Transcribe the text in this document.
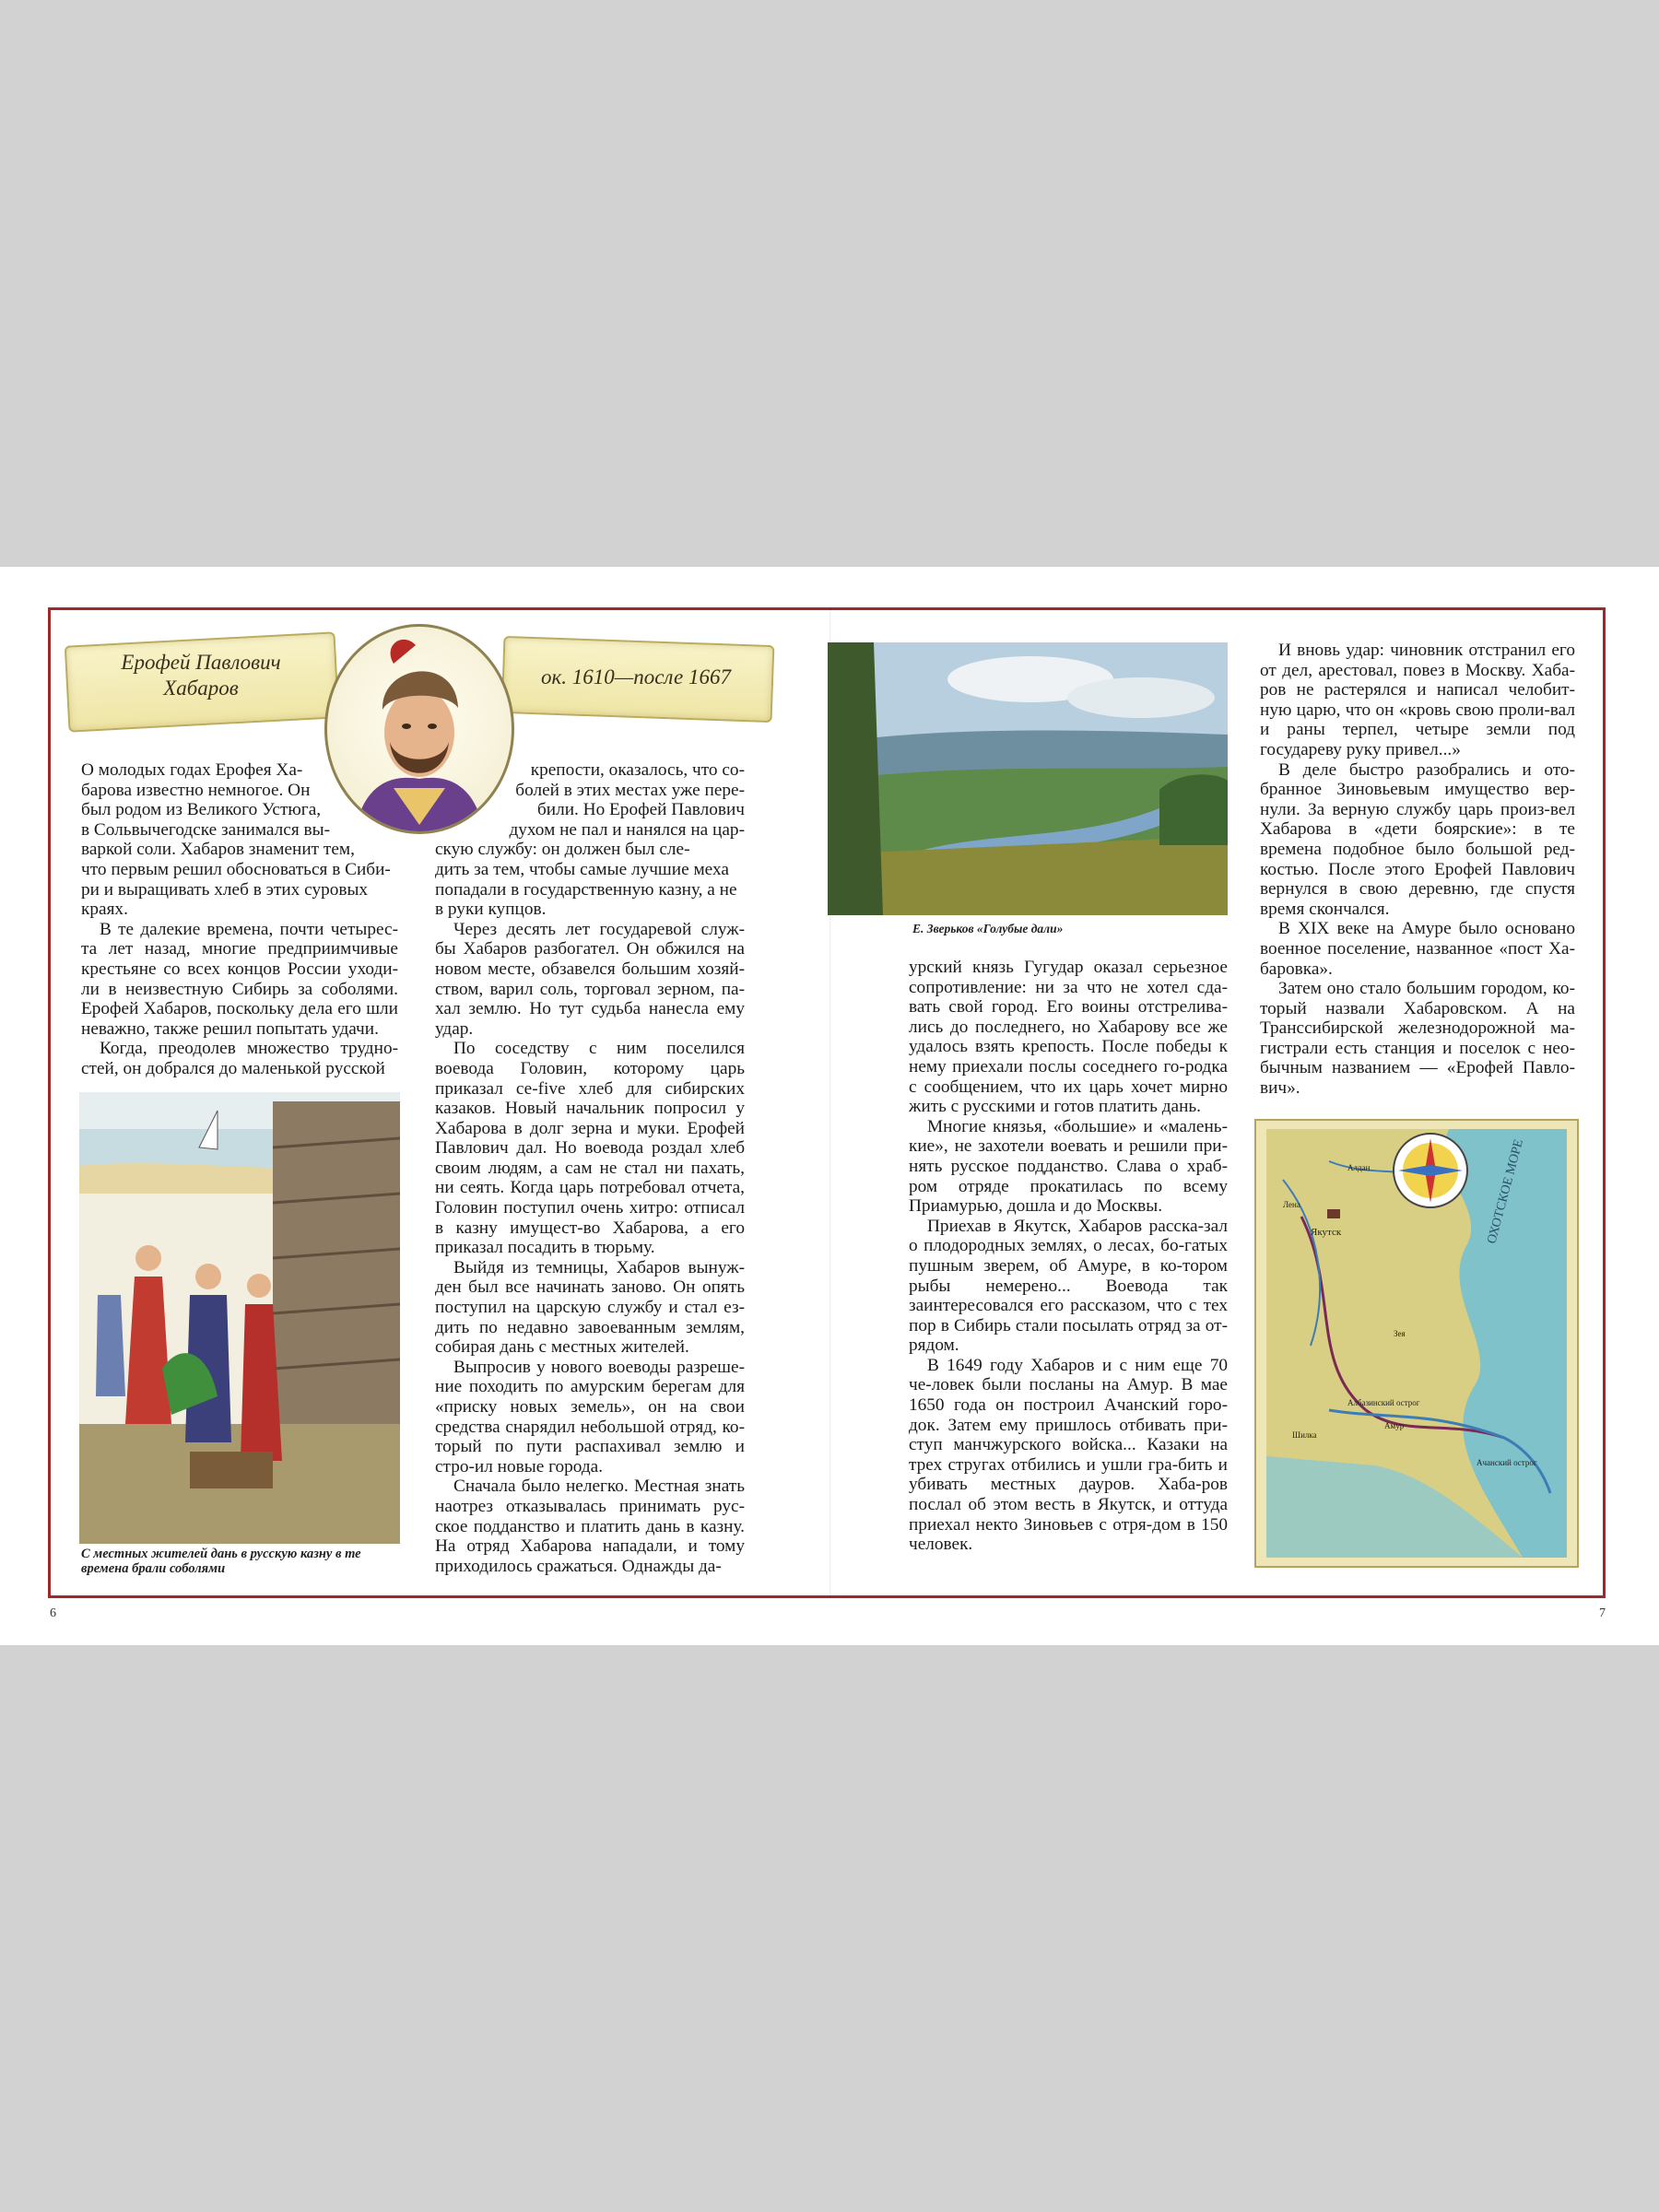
Ерофей Павлович
Хабаров	ок. 1610—после 1667
О молодых годах Ерофея Ха-
барова известно немногое. Он
был родом из Великого Устюга,
в Сольвычегодске занимался вы-
варкой соли. Хабаров знаменит тем,
что первым решил обосноваться в Сиби-
ри и выращивать хлеб в этих суровых
краях.

В те далекие времена, почти четырес-та лет назад, многие предприимчивые крестьяне со всех концов России уходи-ли в неизвестную Сибирь за соболями. Ерофей Хабаров, поскольку дела его шли неважно, также решил попытать удачи.

Когда, преодолев множество трудно-стей, он добрался до маленькой русской

С местных жителей дань в русскую казну в те времена брали соболями
крепости, оказалось, что со-
болей в этих местах уже пере-
били. Но Ерофей Павлович
духом не пал и нанялся на цар-
скую службу: он должен был сле-
дить за тем, чтобы самые лучшие меха
попадали в государственную казну, а не
в руки купцов.

Через десять лет государевой служ-бы Хабаров разбогател. Он обжился на новом месте, обзавелся большим хозяй-ством, варил соль, торговал зерном, па-хал землю. Но тут судьба нанесла ему удар.

По соседству с ним поселился воевода Головин, которому царь приказал се-five хлеб для сибирских казаков. Новый начальник попросил у Хабарова в долг зерна и муки. Ерофей Павлович дал. Но воевода роздал хлеб своим людям, а сам не стал ни пахать, ни сеять. Когда царь потребовал отчета, Головин поступил очень хитро: отписал в казну имущест-во Хабарова, а его приказал посадить в тюрьму.

Выйдя из темницы, Хабаров вынуж-ден был все начинать заново. Он опять поступил на царскую службу и стал ез-дить по недавно завоеванным землям, собирая дань с местных жителей.

Выпросив у нового воеводы разреше-ние походить по амурским берегам для «приску новых земель», он на свои средства снарядил небольшой отряд, ко-торый по пути распахивал землю и стро-ил новые города.

Сначала было нелегко. Местная знать наотрез отказывалась принимать рус-ское подданство и платить дань в казну. На отряд Хабарова нападали, и тому приходилось сражаться. Однажды да-

Е. Зверьков «Голубые дали»

урский князь Гугудар оказал серьезное сопротивление: ни за что не хотел сда-вать свой город. Его воины отстрелива-лись до последнего, но Хабарову все же удалось взять крепость. После победы к нему приехали послы соседнего го-родка с сообщением, что их царь хочет мирно жить с русскими и готов платить дань.

Многие князья, «большие» и «малень-кие», не захотели воевать и решили при-нять русское подданство. Слава о храб-ром отряде прокатилась по всему Приамурью, дошла и до Москвы.

Приехав в Якутск, Хабаров расска-зал о плодородных землях, о лесах, бо-гатых пушным зверем, об Амуре, в ко-тором рыбы немерено... Воевода так заинтересовался его рассказом, что с тех пор в Сибирь стали посылать отряд за от-рядом.

В 1649 году Хабаров и с ним еще 70 че-ловек были посланы на Амур. В мае 1650 года он построил Ачанский горо-док. Затем ему пришлось отбивать при-ступ манчжурского войска... Казаки на трех стругах отбились и ушли гра-бить и убивать местных дауров. Хаба-ров послал об этом весть в Якутск, и оттуда приехал некто Зиновьев с отря-дом в 150 человек.

И вновь удар: чиновник отстранил его от дел, арестовал, повез в Москву. Хаба-ров не растерялся и написал челобит-ную царю, что он «кровь свою проли-вал и раны терпел, четыре земли под государеву руку привел...»

В деле быстро разобрались и ото-бранное Зиновьевым имущество вер-нули. За верную службу царь произ-вел Хабарова в «дети боярские»: в те времена подобное было большой ред-костью. После этого Ерофей Павлович вернулся в свою деревню, где спустя время скончался.

В XIX веке на Амуре было основано военное поселение, названное «пост Ха-баровка».

Затем оно стало большим городом, ко-торый назвали Хабаровском. А на Транссибирской железнодорожной ма-гистрали есть станция и поселок с нео-бычным названием — «Ерофей Павло-вич».

Якутск	ОХОТСКОЕ МОРЕ
Албазинский острог
Ачанский острог
Амур
Лена
Алдан
Шилка
Зея
6	7
